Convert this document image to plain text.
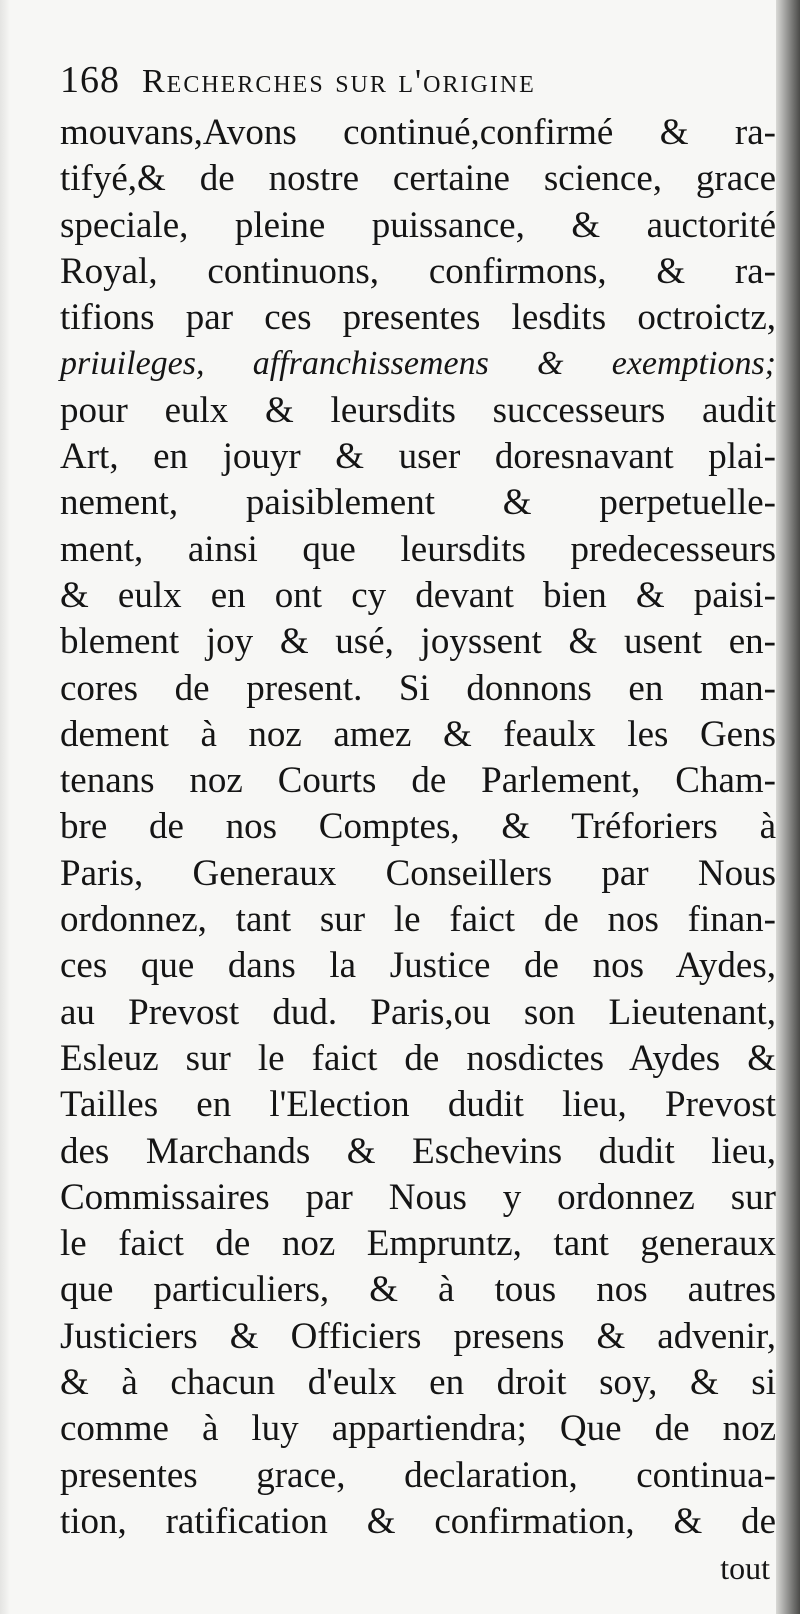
168 Recherches sur l'origine
mouvans,Avons continué,confirmé & ra-
tifyé,& de nostre certaine science, grace
speciale, pleine puissance, & auctorité
Royal, continuons, confirmons, & ra-
tifions par ces presentes lesdits octroictz,
priuileges, affranchissemens & exemptions;
pour eulx & leursdits successeurs audit
Art, en jouyr & user doresnavant plai-
nement, paisiblement & perpetuelle-
ment, ainsi que leursdits predecesseurs
& eulx en ont cy devant bien & paisi-
blement joy & usé, joyssent & usent en-
cores de present. Si donnons en man-
dement à noz amez & feaulx les Gens
tenans noz Courts de Parlement, Cham-
bre de nos Comptes, & Tréforiers à
Paris, Generaux Conseillers par Nous
ordonnez, tant sur le faict de nos finan-
ces que dans la Justice de nos Aydes,
au Prevost dud. Paris,ou son Lieutenant,
Esleuz sur le faict de nosdictes Aydes &
Tailles en l'Election dudit lieu, Prevost
des Marchands & Eschevins dudit lieu,
Commissaires par Nous y ordonnez sur
le faict de noz Empruntz, tant generaux
que particuliers, & à tous nos autres
Justiciers & Officiers presens & advenir,
& à chacun d'eulx en droit soy, & si
comme à luy appartiendra; Que de noz
presentes grace, declaration, continua-
tion, ratification & confirmation, & de
tout
